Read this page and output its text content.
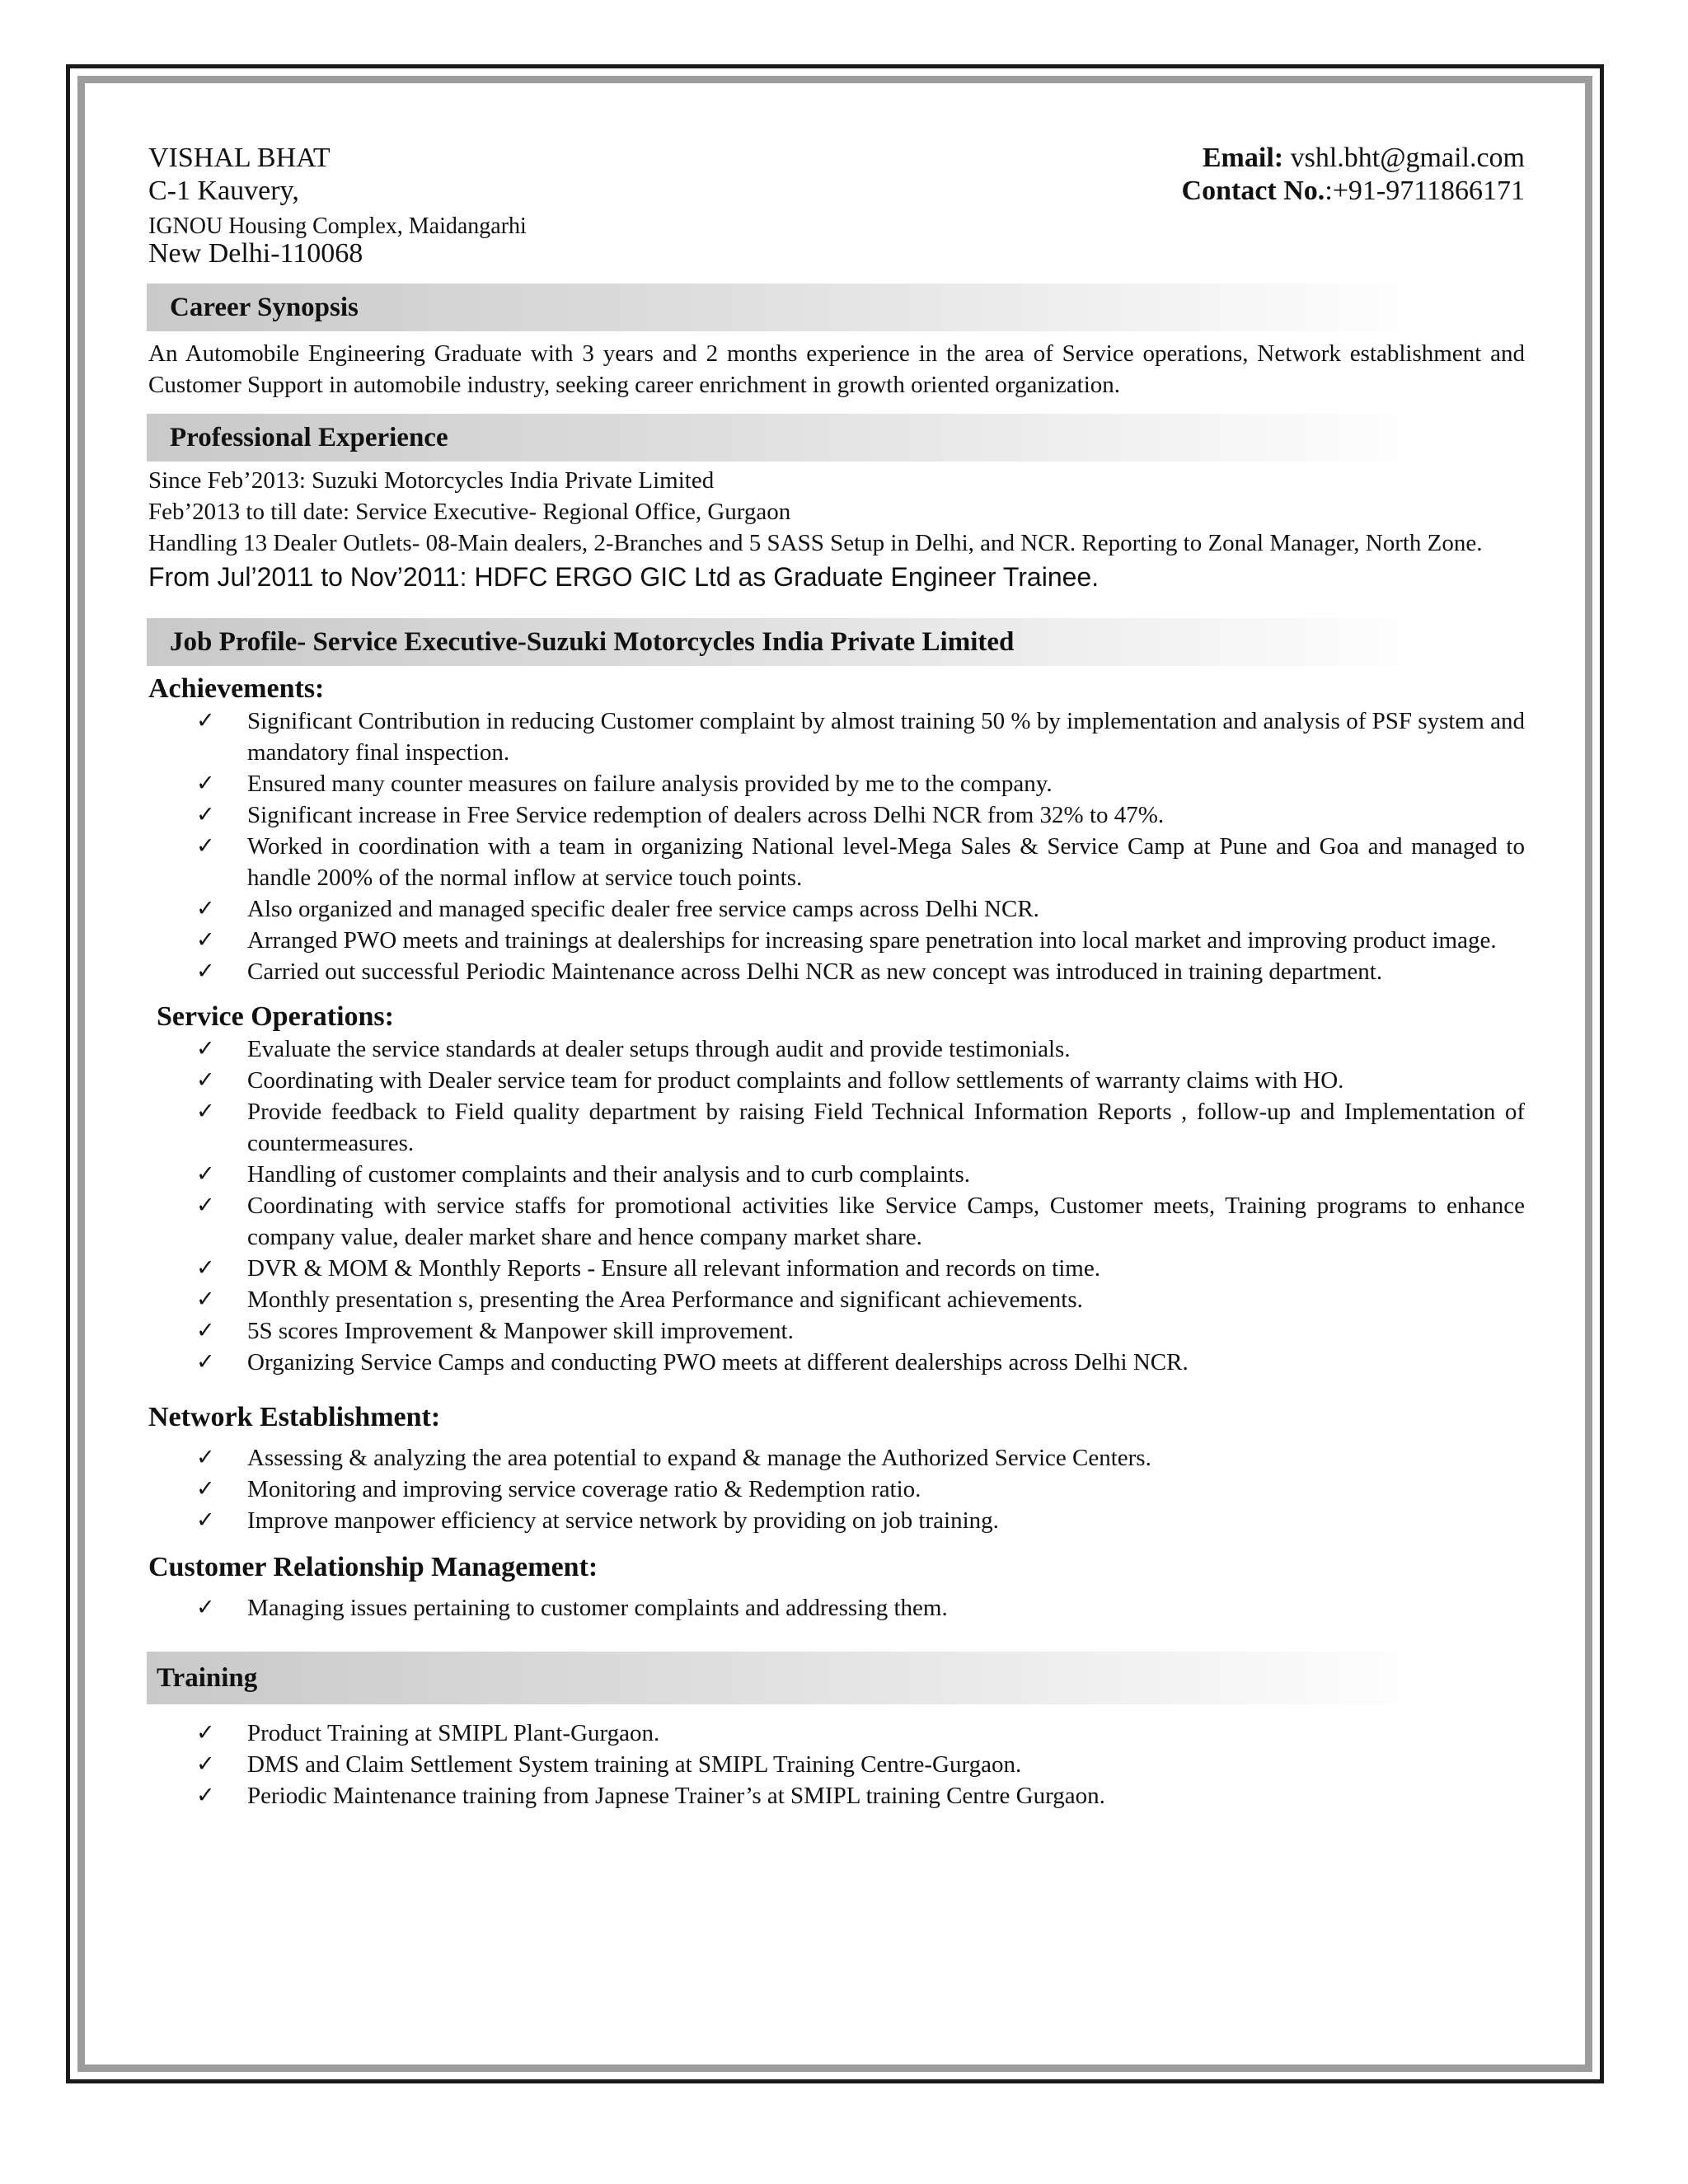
VISHAL BHAT	Email: vshl.bht@gmail.com
C-1 Kauvery,	Contact No.:+91-9711866171
IGNOU Housing Complex, Maidangarhi
New Delhi-110068
Career Synopsis
An Automobile Engineering Graduate with 3 years and 2 months experience in the area of Service operations, Network establishment and Customer Support in automobile industry, seeking career enrichment in growth oriented organization.
Professional Experience
Since Feb’2013: Suzuki Motorcycles India Private Limited
Feb’2013 to till date: Service Executive- Regional Office, Gurgaon
Handling 13 Dealer Outlets- 08-Main dealers, 2-Branches and 5 SASS Setup in Delhi, and NCR. Reporting to Zonal Manager, North Zone.
From Jul’2011 to Nov’2011: HDFC ERGO GIC Ltd as Graduate Engineer Trainee.
Job Profile- Service Executive-Suzuki Motorcycles India Private Limited
Achievements:
✓ Significant Contribution in reducing Customer complaint by almost training 50 % by implementation and analysis of PSF system and mandatory final inspection.
✓ Ensured many counter measures on failure analysis provided by me to the company.
✓ Significant increase in Free Service redemption of dealers across Delhi NCR from 32% to 47%.
✓ Worked in coordination with a team in organizing National level-Mega Sales & Service Camp at Pune and Goa and managed to handle 200% of the normal inflow at service touch points.
✓ Also organized and managed specific dealer free service camps across Delhi NCR.
✓ Arranged PWO meets and trainings at dealerships for increasing spare penetration into local market and improving product image.
✓ Carried out successful Periodic Maintenance across Delhi NCR as new concept was introduced in training department.
Service Operations:
✓ Evaluate the service standards at dealer setups through audit and provide testimonials.
✓ Coordinating with Dealer service team for product complaints and follow settlements of warranty claims with HO.
✓ Provide feedback to Field quality department by raising Field Technical Information Reports , follow-up and Implementation of countermeasures.
✓ Handling of customer complaints and their analysis and to curb complaints.
✓ Coordinating with service staffs for promotional activities like Service Camps, Customer meets, Training programs to enhance company value, dealer market share and hence company market share.
✓ DVR & MOM & Monthly Reports - Ensure all relevant information and records on time.
✓ Monthly presentation s, presenting the Area Performance and significant achievements.
✓ 5S scores Improvement & Manpower skill improvement.
✓ Organizing Service Camps and conducting PWO meets at different dealerships across Delhi NCR.
Network Establishment:
✓ Assessing & analyzing the area potential to expand & manage the Authorized Service Centers.
✓ Monitoring and improving service coverage ratio & Redemption ratio.
✓ Improve manpower efficiency at service network by providing on job training.
Customer Relationship Management:
✓ Managing issues pertaining to customer complaints and addressing them.
Training
✓ Product Training at SMIPL Plant-Gurgaon.
✓ DMS and Claim Settlement System training at SMIPL Training Centre-Gurgaon.
✓ Periodic Maintenance training from Japnese Trainer’s at SMIPL training Centre Gurgaon.
